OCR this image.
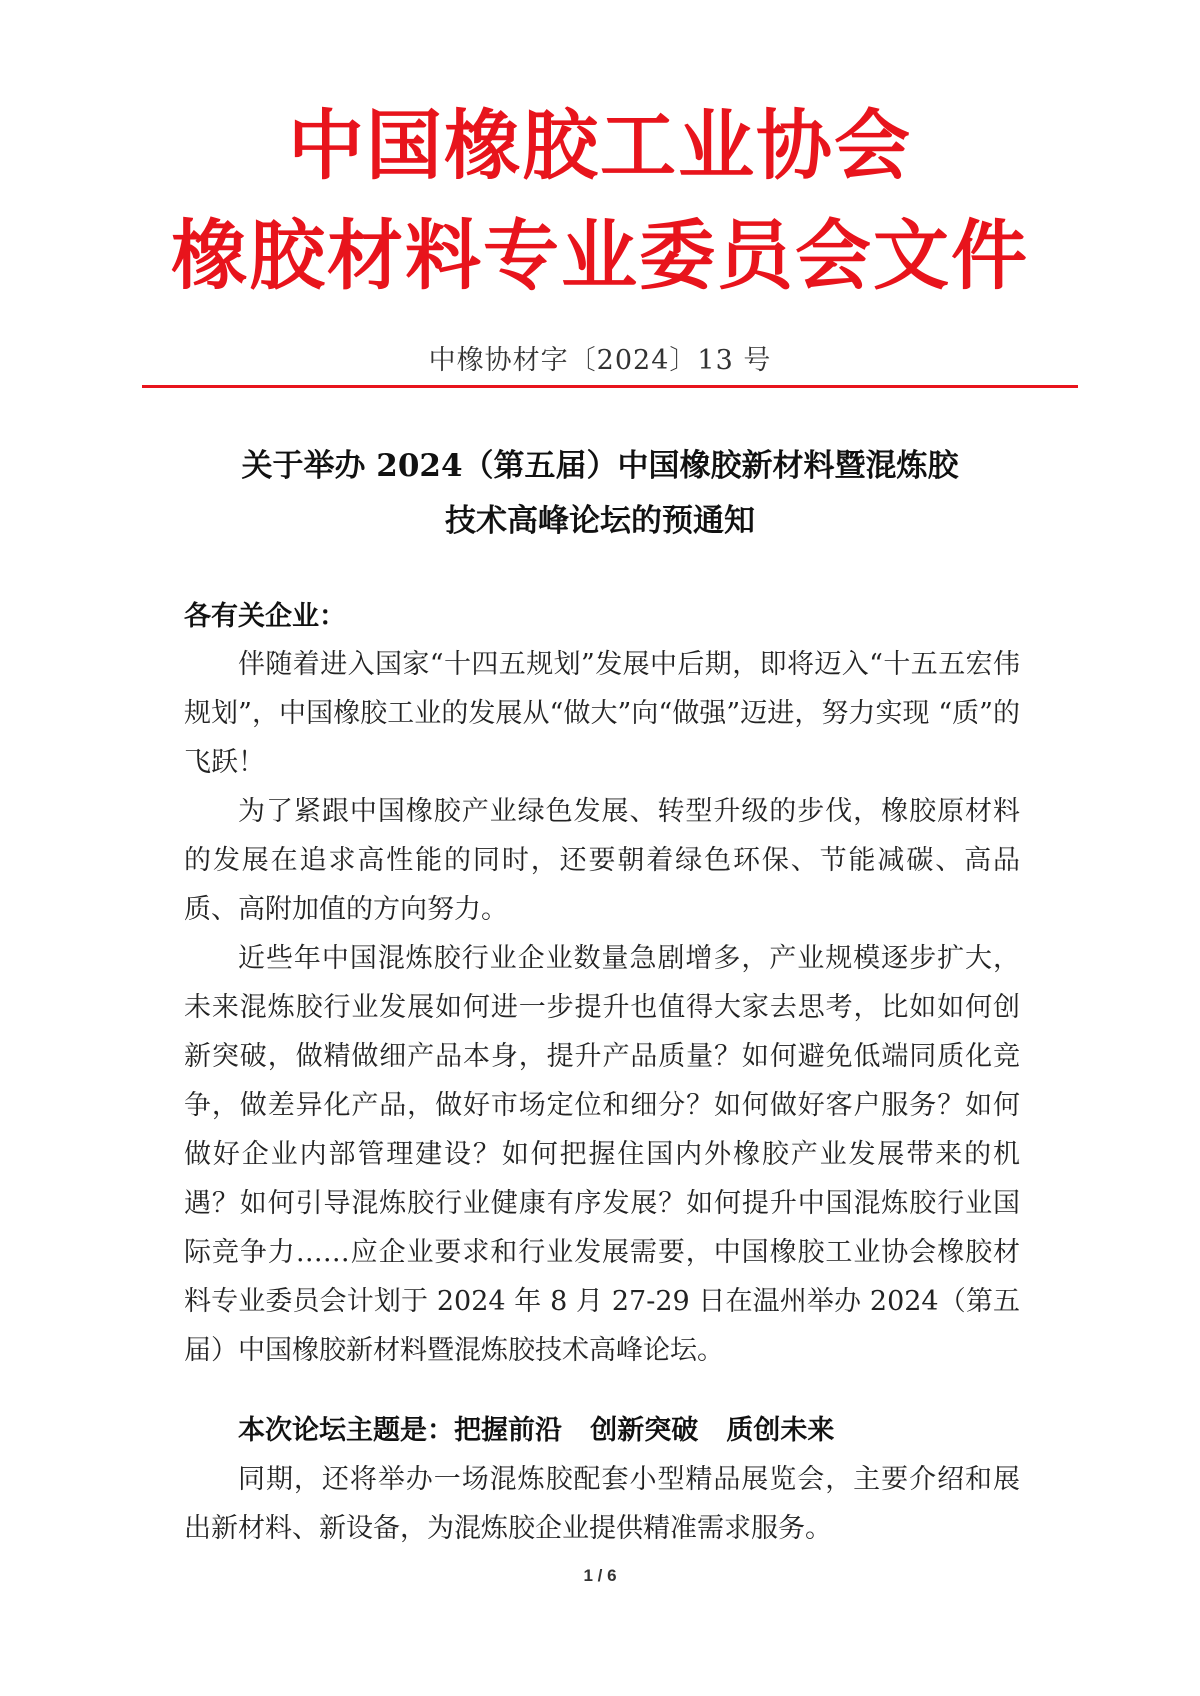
中国橡胶工业协会
橡胶材料专业委员会文件
中橡协材字〔2024〕13 号
关于举办 2024（第五届）中国橡胶新材料暨混炼胶
技术高峰论坛的预通知
各有关企业：

伴随着进入国家“十四五规划”发展中后期，即将迈入“十五五宏伟规划”，中国橡胶工业的发展从“做大”向“做强”迈进，努力实现 “质”的飞跃！

为了紧跟中国橡胶产业绿色发展、转型升级的步伐，橡胶原材料的发展在追求高性能的同时，还要朝着绿色环保、节能减碳、高品质、高附加值的方向努力。

近些年中国混炼胶行业企业数量急剧增多，产业规模逐步扩大，未来混炼胶行业发展如何进一步提升也值得大家去思考，比如如何创新突破，做精做细产品本身，提升产品质量？如何避免低端同质化竞争，做差异化产品，做好市场定位和细分？如何做好客户服务？如何做好企业内部管理建设？如何把握住国内外橡胶产业发展带来的机遇？如何引导混炼胶行业健康有序发展？如何提升中国混炼胶行业国际竞争力……应企业要求和行业发展需要，中国橡胶工业协会橡胶材料专业委员会计划于 2024 年 8 月 27-29 日在温州举办 2024（第五届）中国橡胶新材料暨混炼胶技术高峰论坛。

本次论坛主题是：把握前沿   创新突破   质创未来

同期，还将举办一场混炼胶配套小型精品展览会，主要介绍和展出新材料、新设备，为混炼胶企业提供精准需求服务。

1 / 6
